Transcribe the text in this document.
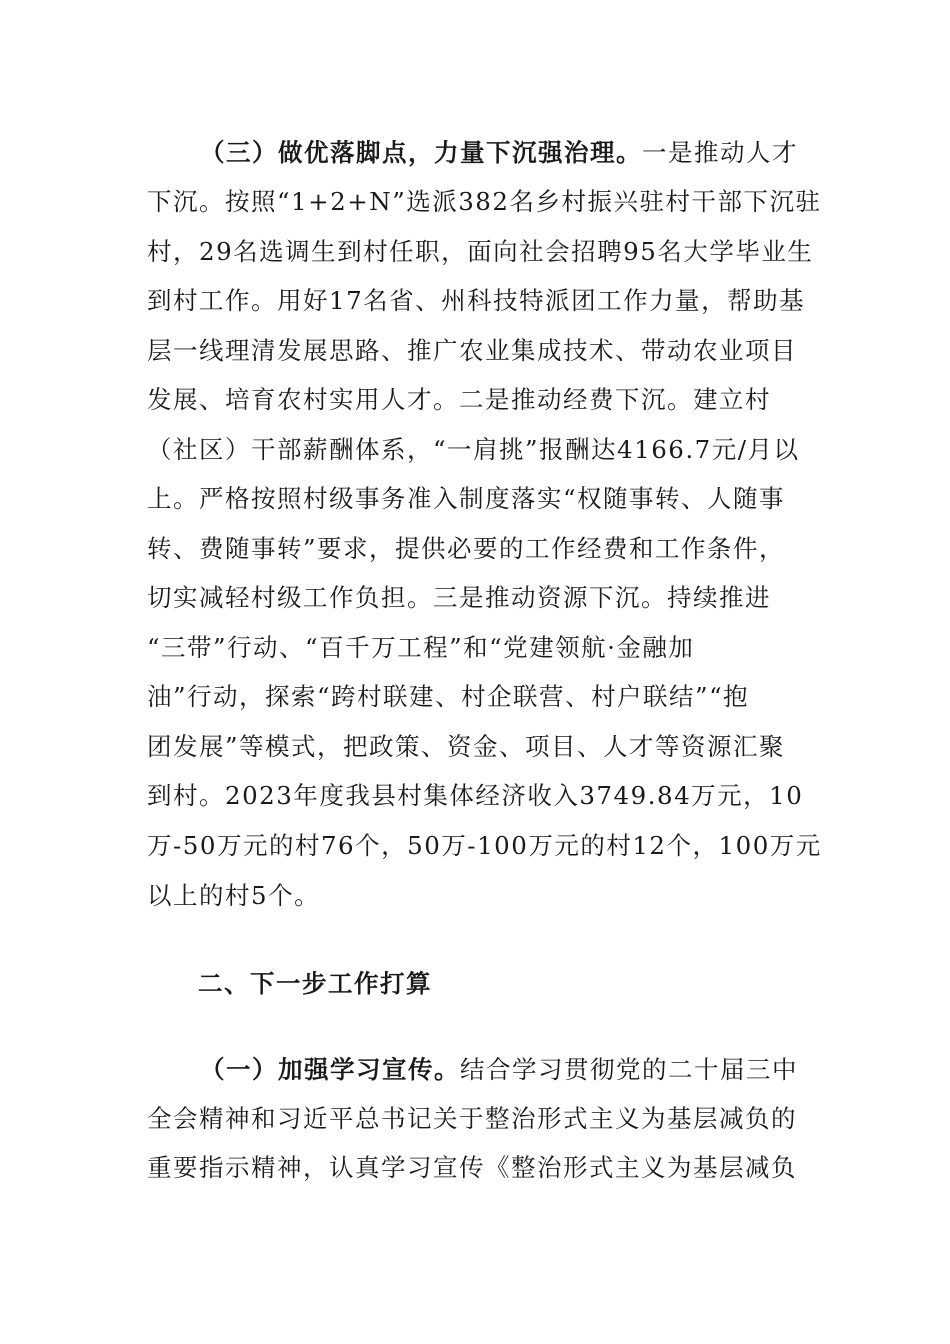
（三）做优落脚点，力量下沉强治理。一是推动人才
下沉。按照“1+2+N”选派382名乡村振兴驻村干部下沉驻
村，29名选调生到村任职，面向社会招聘95名大学毕业生
到村工作。用好17名省、州科技特派团工作力量，帮助基
层一线理清发展思路、推广农业集成技术、带动农业项目
发展、培育农村实用人才。二是推动经费下沉。建立村
（社区）干部薪酬体系，“一肩挑”报酬达4166.7元/月以
上。严格按照村级事务准入制度落实“权随事转、人随事
转、费随事转”要求，提供必要的工作经费和工作条件，
切实减轻村级工作负担。三是推动资源下沉。持续推进
“三带”行动、“百千万工程”和“党建领航·金融加
油”行动，探索“跨村联建、村企联营、村户联结”“抱
团发展”等模式，把政策、资金、项目、人才等资源汇聚
到村。2023年度我县村集体经济收入3749.84万元，10
万-50万元的村76个，50万-100万元的村12个，100万元
以上的村5个。
二、下一步工作打算
（一）加强学习宣传。结合学习贯彻党的二十届三中
全会精神和习近平总书记关于整治形式主义为基层减负的
重要指示精神，认真学习宣传《整治形式主义为基层减负
